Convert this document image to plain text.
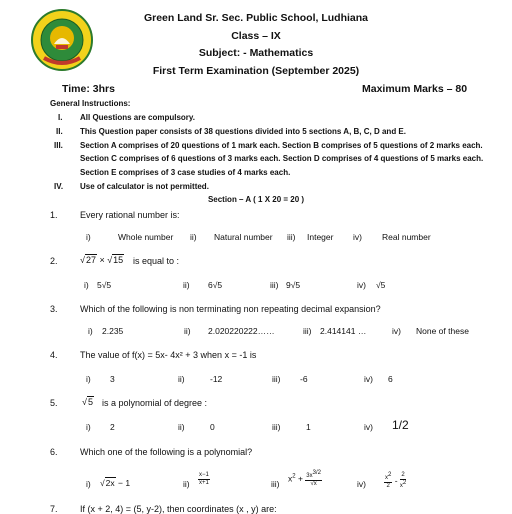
Green Land Sr. Sec. Public School, Ludhiana
Class – IX
Subject: - Mathematics
First Term Examination (September 2025)
Time: 3hrs	Maximum Marks – 80
General Instructions:
I. All Questions are compulsory.
II. This Question paper consists of 38 questions divided into 5 sections A, B, C, D and E.
III. Section A comprises of 20 questions of 1 mark each. Section B comprises of 5 questions of 2 marks each.
Section C comprises of 6 questions of 3 marks each. Section D comprises of 4 questions of 5 marks each.
Section E comprises of 3 case studies of 4 marks each.
IV. Use of calculator is not permitted.
Section – A ( 1 X 20 = 20 )
1. Every rational number is:
i)	Whole number ii) Natural number iii) Integer iv) Real number
2. √27 × √15 is equal to :
i) 5√5	ii) 6√5	iii) 9√5	iv) √5
3. Which of the following is non terminating non repeating decimal expansion?
i) 2.235	ii) 2.020220222……	iii) 2.414141 …	iv) None of these
4. The value of f(x) = 5x- 4x² + 3 when x = -1 is
i) 3	ii)	-12	iii) -6	iv) 6
5.	√5 is a polynomial of degree :
i) 2	ii)	0	iii)	1	iv) 1/2
6. Which one of the following is a polynomial?
i) √2x − 1	$ii) \frac{x-1}{x+1}$	iii)
$x^2 + \frac{3x^{3/2}}{√x}$	iv)	$\frac{x^2}{2} - \frac{2}{x^2}$
7. If (x + 2, 4) = (5, y-2), then coordinates (x , y) are:
